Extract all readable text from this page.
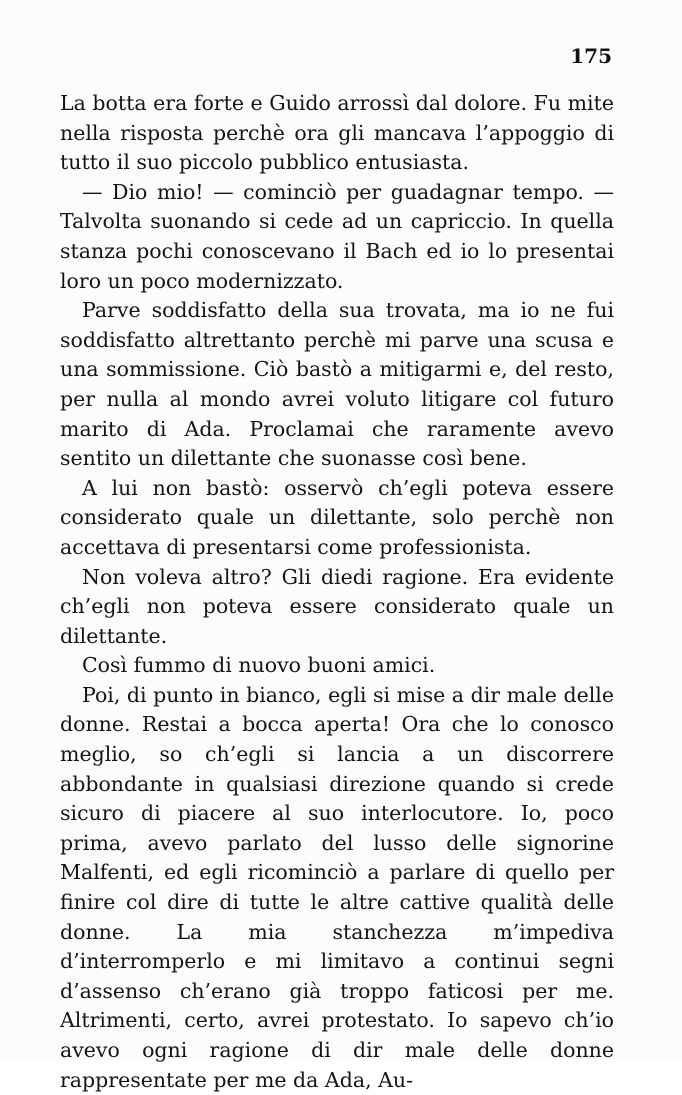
175

La botta era forte e Guido arrossì dal dolore. Fu mite nella risposta perchè ora gli mancava l’appoggio di tutto il suo piccolo pubblico entusiasta.

— Dio mio! — cominciò per guadagnar tempo. — Talvolta suonando si cede ad un capriccio. In quella stanza pochi conoscevano il Bach ed io lo presentai loro un poco modernizzato.

Parve soddisfatto della sua trovata, ma io ne fui soddisfatto altrettanto perchè mi parve una scusa e una sommissione. Ciò bastò a mitigarmi e, del resto, per nulla al mondo avrei voluto litigare col futuro marito di Ada. Proclamai che raramente avevo sentito un dilettante che suonasse così bene.

A lui non bastò: osservò ch’egli poteva essere considerato quale un dilettante, solo perchè non accettava di presentarsi come professionista.

Non voleva altro? Gli diedi ragione. Era evidente ch’egli non poteva essere considerato quale un dilettante.

Così fummo di nuovo buoni amici.

Poi, di punto in bianco, egli si mise a dir male delle donne. Restai a bocca aperta! Ora che lo conosco meglio, so ch’egli si lancia a un discorrere abbondante in qualsiasi direzione quando si crede sicuro di piacere al suo interlocutore. Io, poco prima, avevo parlato del lusso delle signorine Malfenti, ed egli ricominciò a parlare di quello per finire col dire di tutte le altre cattive qualità delle donne. La mia stanchezza m’impediva d’interromperlo e mi limitavo a continui segni d’assenso ch’erano già troppo faticosi per me. Altrimenti, certo, avrei protestato. Io sapevo ch’io avevo ogni ragione di dir male delle donne rappresentate per me da Ada, Au-
